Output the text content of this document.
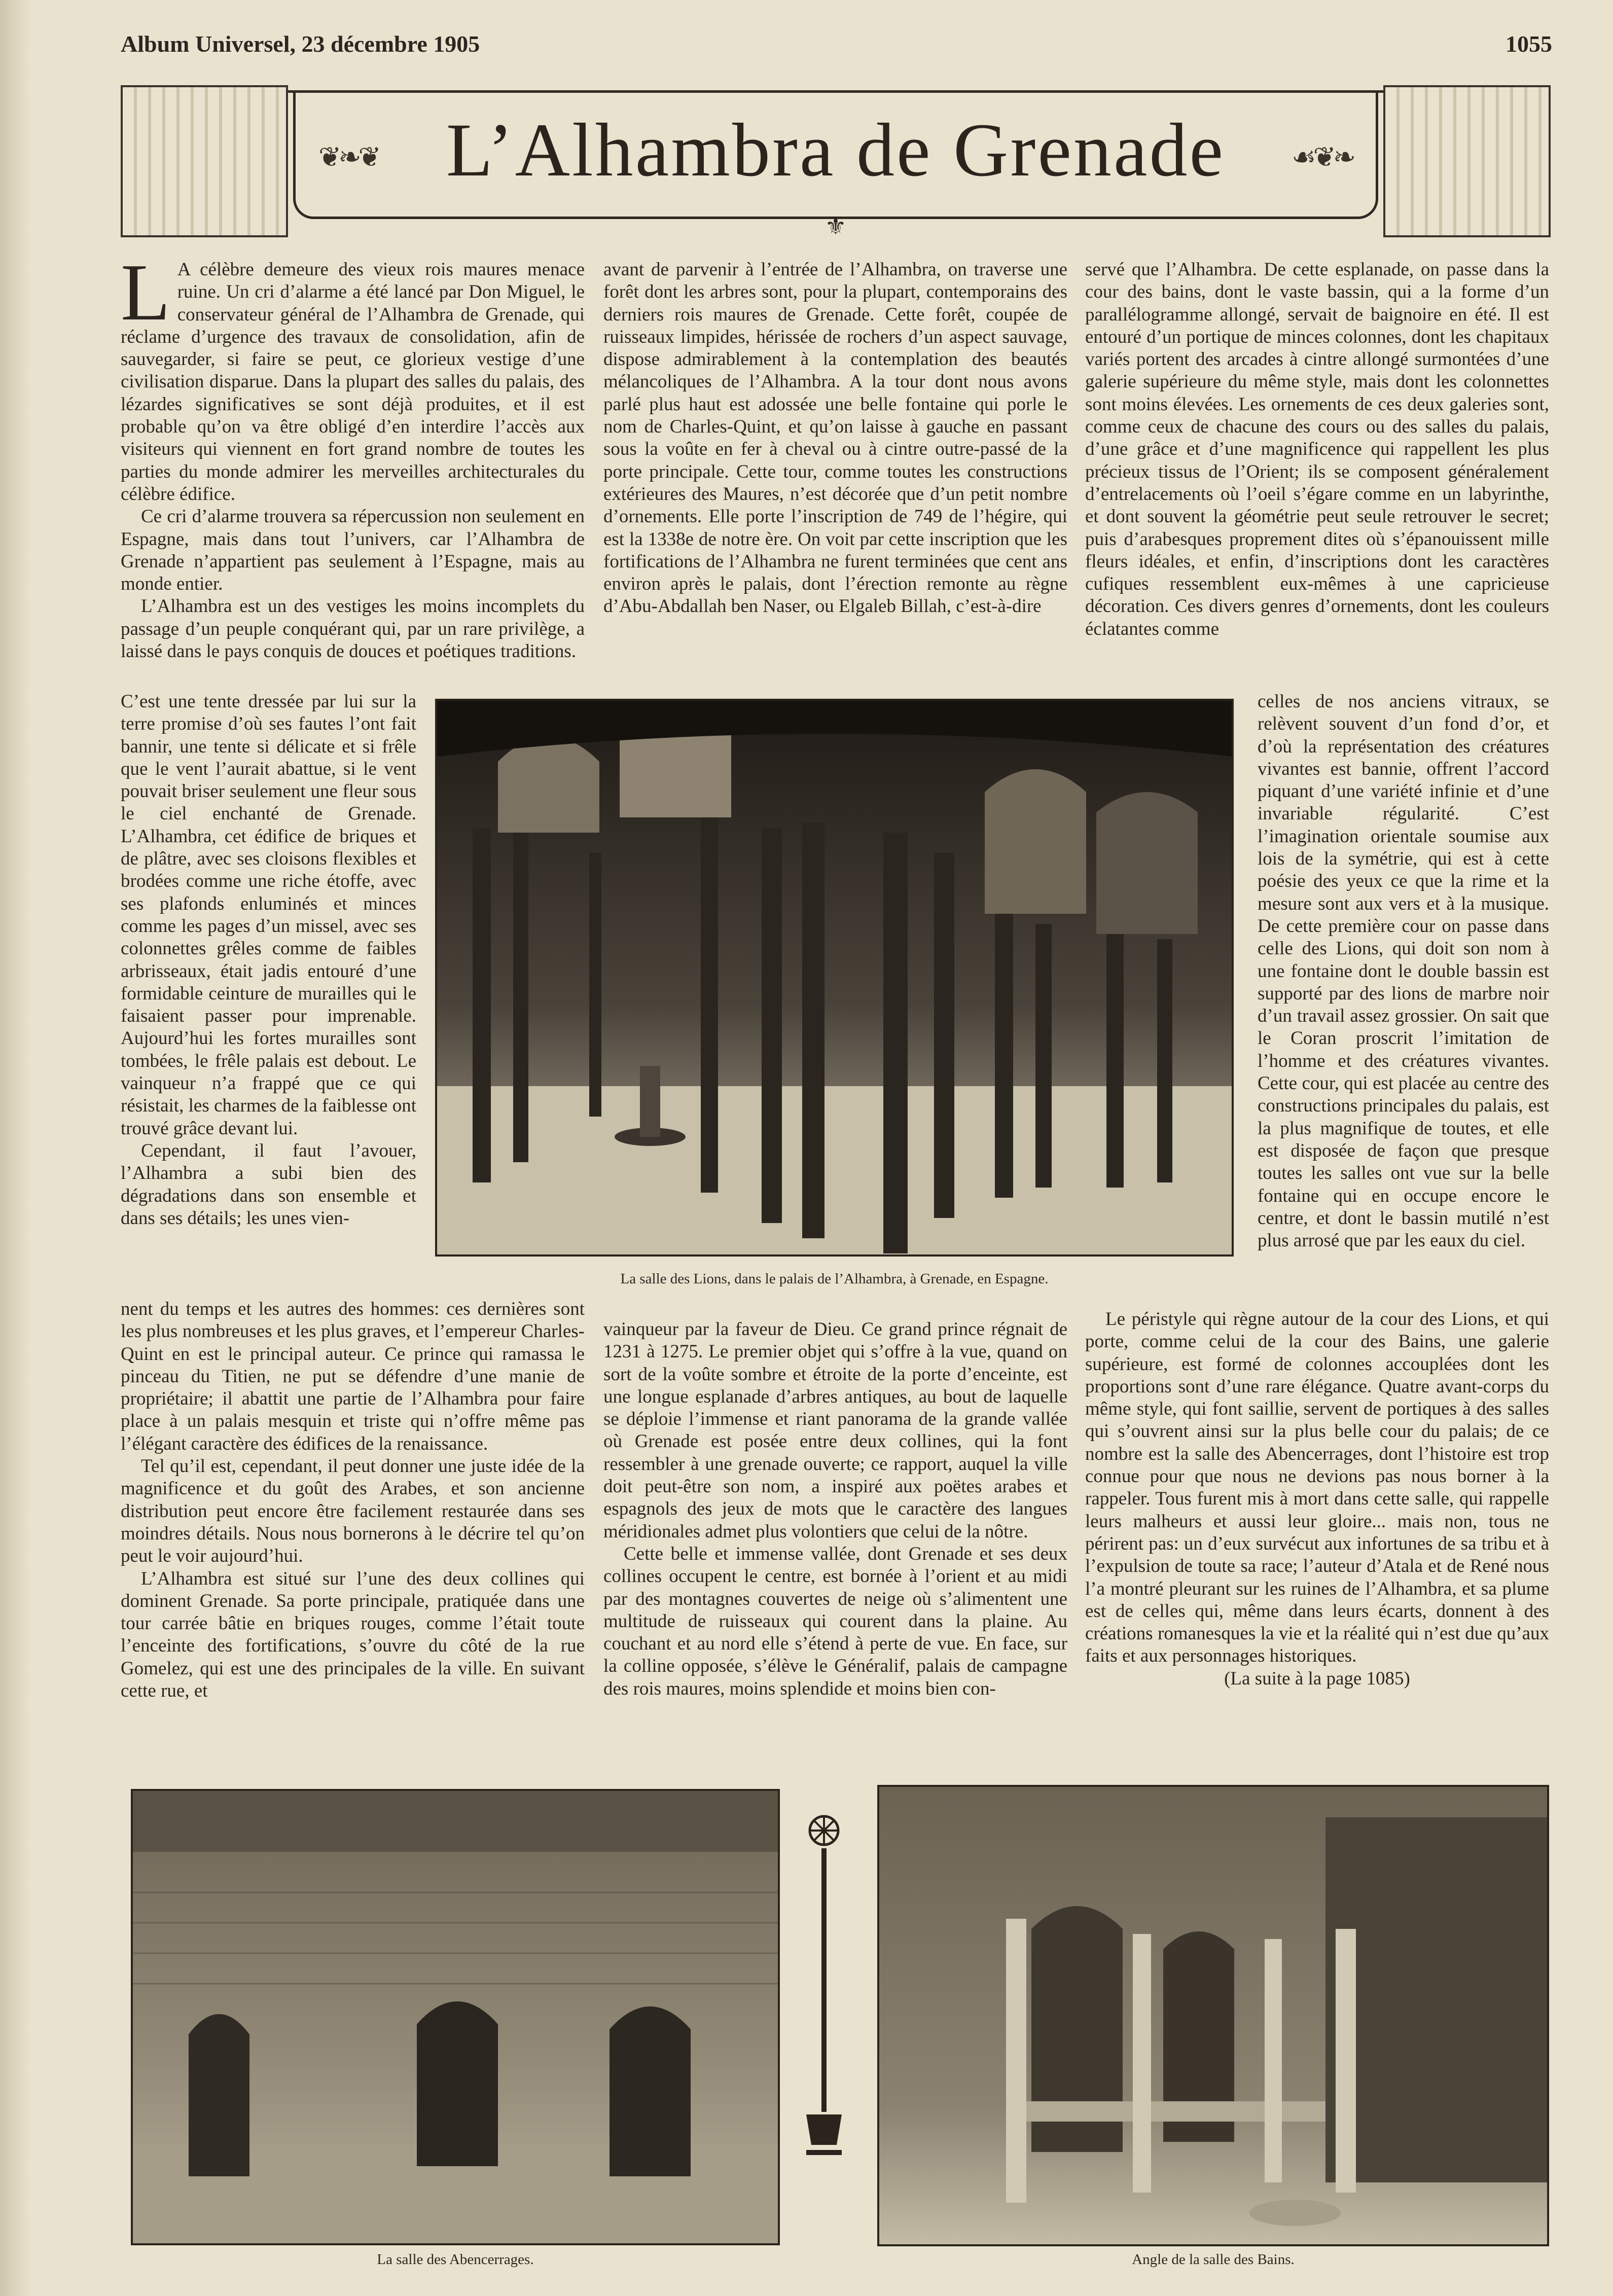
Album Universel, 23 décembre 1905	1055
❦❧❦	☙❦❧
L’Alhambra de Grenade
⚜

L A célèbre demeure des vieux rois maures menace ruine. Un cri d’alarme a été lancé par Don Miguel, le conservateur général de l’Alhambra de Grenade, qui réclame d’urgence des travaux de consolidation, afin de sauvegarder, si faire se peut, ce glorieux vestige d’une civilisation disparue. Dans la plupart des salles du palais, des lézardes significatives se sont déjà produites, et il est probable qu’on va être obligé d’en interdire l’accès aux visiteurs qui viennent en fort grand nombre de toutes les parties du monde admirer les merveilles architecturales du célèbre édifice.

Ce cri d’alarme trouvera sa répercussion non seulement en Espagne, mais dans tout l’univers, car l’Alhambra de Grenade n’appartient pas seulement à l’Espagne, mais au monde entier.

L’Alhambra est un des vestiges les moins incomplets du passage d’un peuple conquérant qui, par un rare privilège, a laissé dans le pays conquis de douces et poétiques traditions.

C’est une tente dressée par lui sur la terre promise d’où ses fautes l’ont fait bannir, une tente si délicate et si frêle que le vent l’aurait abattue, si le vent pouvait briser seulement une fleur sous le ciel enchanté de Grenade. L’Alhambra, cet édifice de briques et de plâtre, avec ses cloisons flexibles et brodées comme une riche étoffe, avec ses plafonds enluminés et minces comme les pages d’un missel, avec ses colonnettes grêles comme de faibles arbrisseaux, était jadis entouré d’une formidable ceinture de murailles qui le faisaient passer pour imprenable. Aujourd’hui les fortes murailles sont tombées, le frêle palais est debout. Le vainqueur n’a frappé que ce qui résistait, les charmes de la faiblesse ont trouvé grâce devant lui.

Cependant, il faut l’avouer, l’Alhambra a subi bien des dégradations dans son ensemble et dans ses détails; les unes vien-

nent du temps et les autres des hommes: ces dernières sont les plus nombreuses et les plus graves, et l’empereur Charles-Quint en est le principal auteur. Ce prince qui ramassa le pinceau du Titien, ne put se défendre d’une manie de propriétaire; il abattit une partie de l’Alhambra pour faire place à un palais mesquin et triste qui n’offre même pas l’élégant caractère des édifices de la renaissance.

Tel qu’il est, cependant, il peut donner une juste idée de la magnificence et du goût des Arabes, et son ancienne distribution peut encore être facilement restaurée dans ses moindres détails. Nous nous bornerons à le décrire tel qu’on peut le voir aujourd’hui.

L’Alhambra est situé sur l’une des deux collines qui dominent Grenade. Sa porte principale, pratiquée dans une tour carrée bâtie en briques rouges, comme l’était toute l’enceinte des fortifications, s’ouvre du côté de la rue Gomelez, qui est une des principales de la ville. En suivant cette rue, et

avant de parvenir à l’entrée de l’Alhambra, on traverse une forêt dont les arbres sont, pour la plupart, contemporains des derniers rois maures de Grenade. Cette forêt, coupée de ruisseaux limpides, hérissée de rochers d’un aspect sauvage, dispose admirablement à la contemplation des beautés mélancoliques de l’Alhambra. A la tour dont nous avons parlé plus haut est adossée une belle fontaine qui porle le nom de Charles-Quint, et qu’on laisse à gauche en passant sous la voûte en fer à cheval ou à cintre outre-passé de la porte principale. Cette tour, comme toutes les constructions extérieures des Maures, n’est décorée que d’un petit nombre d’ornements. Elle porte l’inscription de 749 de l’hégire, qui est la 1338e de notre ère. On voit par cette inscription que les fortifications de l’Alhambra ne furent terminées que cent ans environ après le palais, dont l’érection remonte au règne d’Abu-Abdallah ben Naser, ou Elgaleb Billah, c’est-à-dire

vainqueur par la faveur de Dieu. Ce grand prince régnait de 1231 à 1275. Le premier objet qui s’offre à la vue, quand on sort de la voûte sombre et étroite de la porte d’enceinte, est une longue esplanade d’arbres antiques, au bout de laquelle se déploie l’immense et riant panorama de la grande vallée où Grenade est posée entre deux collines, qui la font ressembler à une grenade ouverte; ce rapport, auquel la ville doit peut-être son nom, a inspiré aux poëtes arabes et espagnols des jeux de mots que le caractère des langues méridionales admet plus volontiers que celui de la nôtre.

Cette belle et immense vallée, dont Grenade et ses deux collines occupent le centre, est bornée à l’orient et au midi par des montagnes couvertes de neige où s’alimentent une multitude de ruisseaux qui courent dans la plaine. Au couchant et au nord elle s’étend à perte de vue. En face, sur la colline opposée, s’élève le Généralif, palais de campagne des rois maures, moins splendide et moins bien con-

servé que l’Alhambra. De cette esplanade, on passe dans la cour des bains, dont le vaste bassin, qui a la forme d’un parallélogramme allongé, servait de baignoire en été. Il est entouré d’un portique de minces colonnes, dont les chapitaux variés portent des arcades à cintre allongé surmontées d’une galerie supérieure du même style, mais dont les colonnettes sont moins élevées. Les ornements de ces deux galeries sont, comme ceux de chacune des cours ou des salles du palais, d’une grâce et d’une magnificence qui rappellent les plus précieux tissus de l’Orient; ils se composent généralement d’entrelacements où l’oeil s’égare comme en un labyrinthe, et dont souvent la géométrie peut seule retrouver le secret; puis d’arabesques proprement dites où s’épanouissent mille fleurs idéales, et enfin, d’inscriptions dont les caractères cufiques ressemblent eux-mêmes à une capricieuse décoration. Ces divers genres d’ornements, dont les couleurs éclatantes comme

celles de nos anciens vitraux, se relèvent souvent d’un fond d’or, et d’où la représentation des créatures vivantes est bannie, offrent l’accord piquant d’une variété infinie et d’une invariable régularité. C’est l’imagination orientale soumise aux lois de la symétrie, qui est à cette poésie des yeux ce que la rime et la mesure sont aux vers et à la musique. De cette première cour on passe dans celle des Lions, qui doit son nom à une fontaine dont le double bassin est supporté par des lions de marbre noir d’un travail assez grossier. On sait que le Coran proscrit l’imitation de l’homme et des créatures vivantes. Cette cour, qui est placée au centre des constructions principales du palais, est la plus magnifique de toutes, et elle est disposée de façon que presque toutes les salles ont vue sur la belle fontaine qui en occupe encore le centre, et dont le bassin mutilé n’est plus arrosé que par les eaux du ciel.

Le péristyle qui règne autour de la cour des Lions, et qui porte, comme celui de la cour des Bains, une galerie supérieure, est formé de colonnes accouplées dont les proportions sont d’une rare élégance. Quatre avant-corps du même style, qui font saillie, servent de portiques à des salles qui s’ouvrent ainsi sur la plus belle cour du palais; de ce nombre est la salle des Abencerrages, dont l’histoire est trop connue pour que nous ne devions pas nous borner à la rappeler. Tous furent mis à mort dans cette salle, qui rappelle leurs malheurs et aussi leur gloire... mais non, tous ne périrent pas: un d’eux survécut aux infortunes de sa tribu et à l’expulsion de toute sa race; l’auteur d’Atala et de René nous l’a montré pleurant sur les ruines de l’Alhambra, et sa plume est de celles qui, même dans leurs écarts, donnent à des créations romanesques la vie et la réalité qui n’est due qu’aux faits et aux personnages historiques.

(La suite à la page 1085)

La salle des Lions, dans le palais de l’Alhambra, à Grenade, en Espagne.
La salle des Abencerrages.	Angle de la salle des Bains.
